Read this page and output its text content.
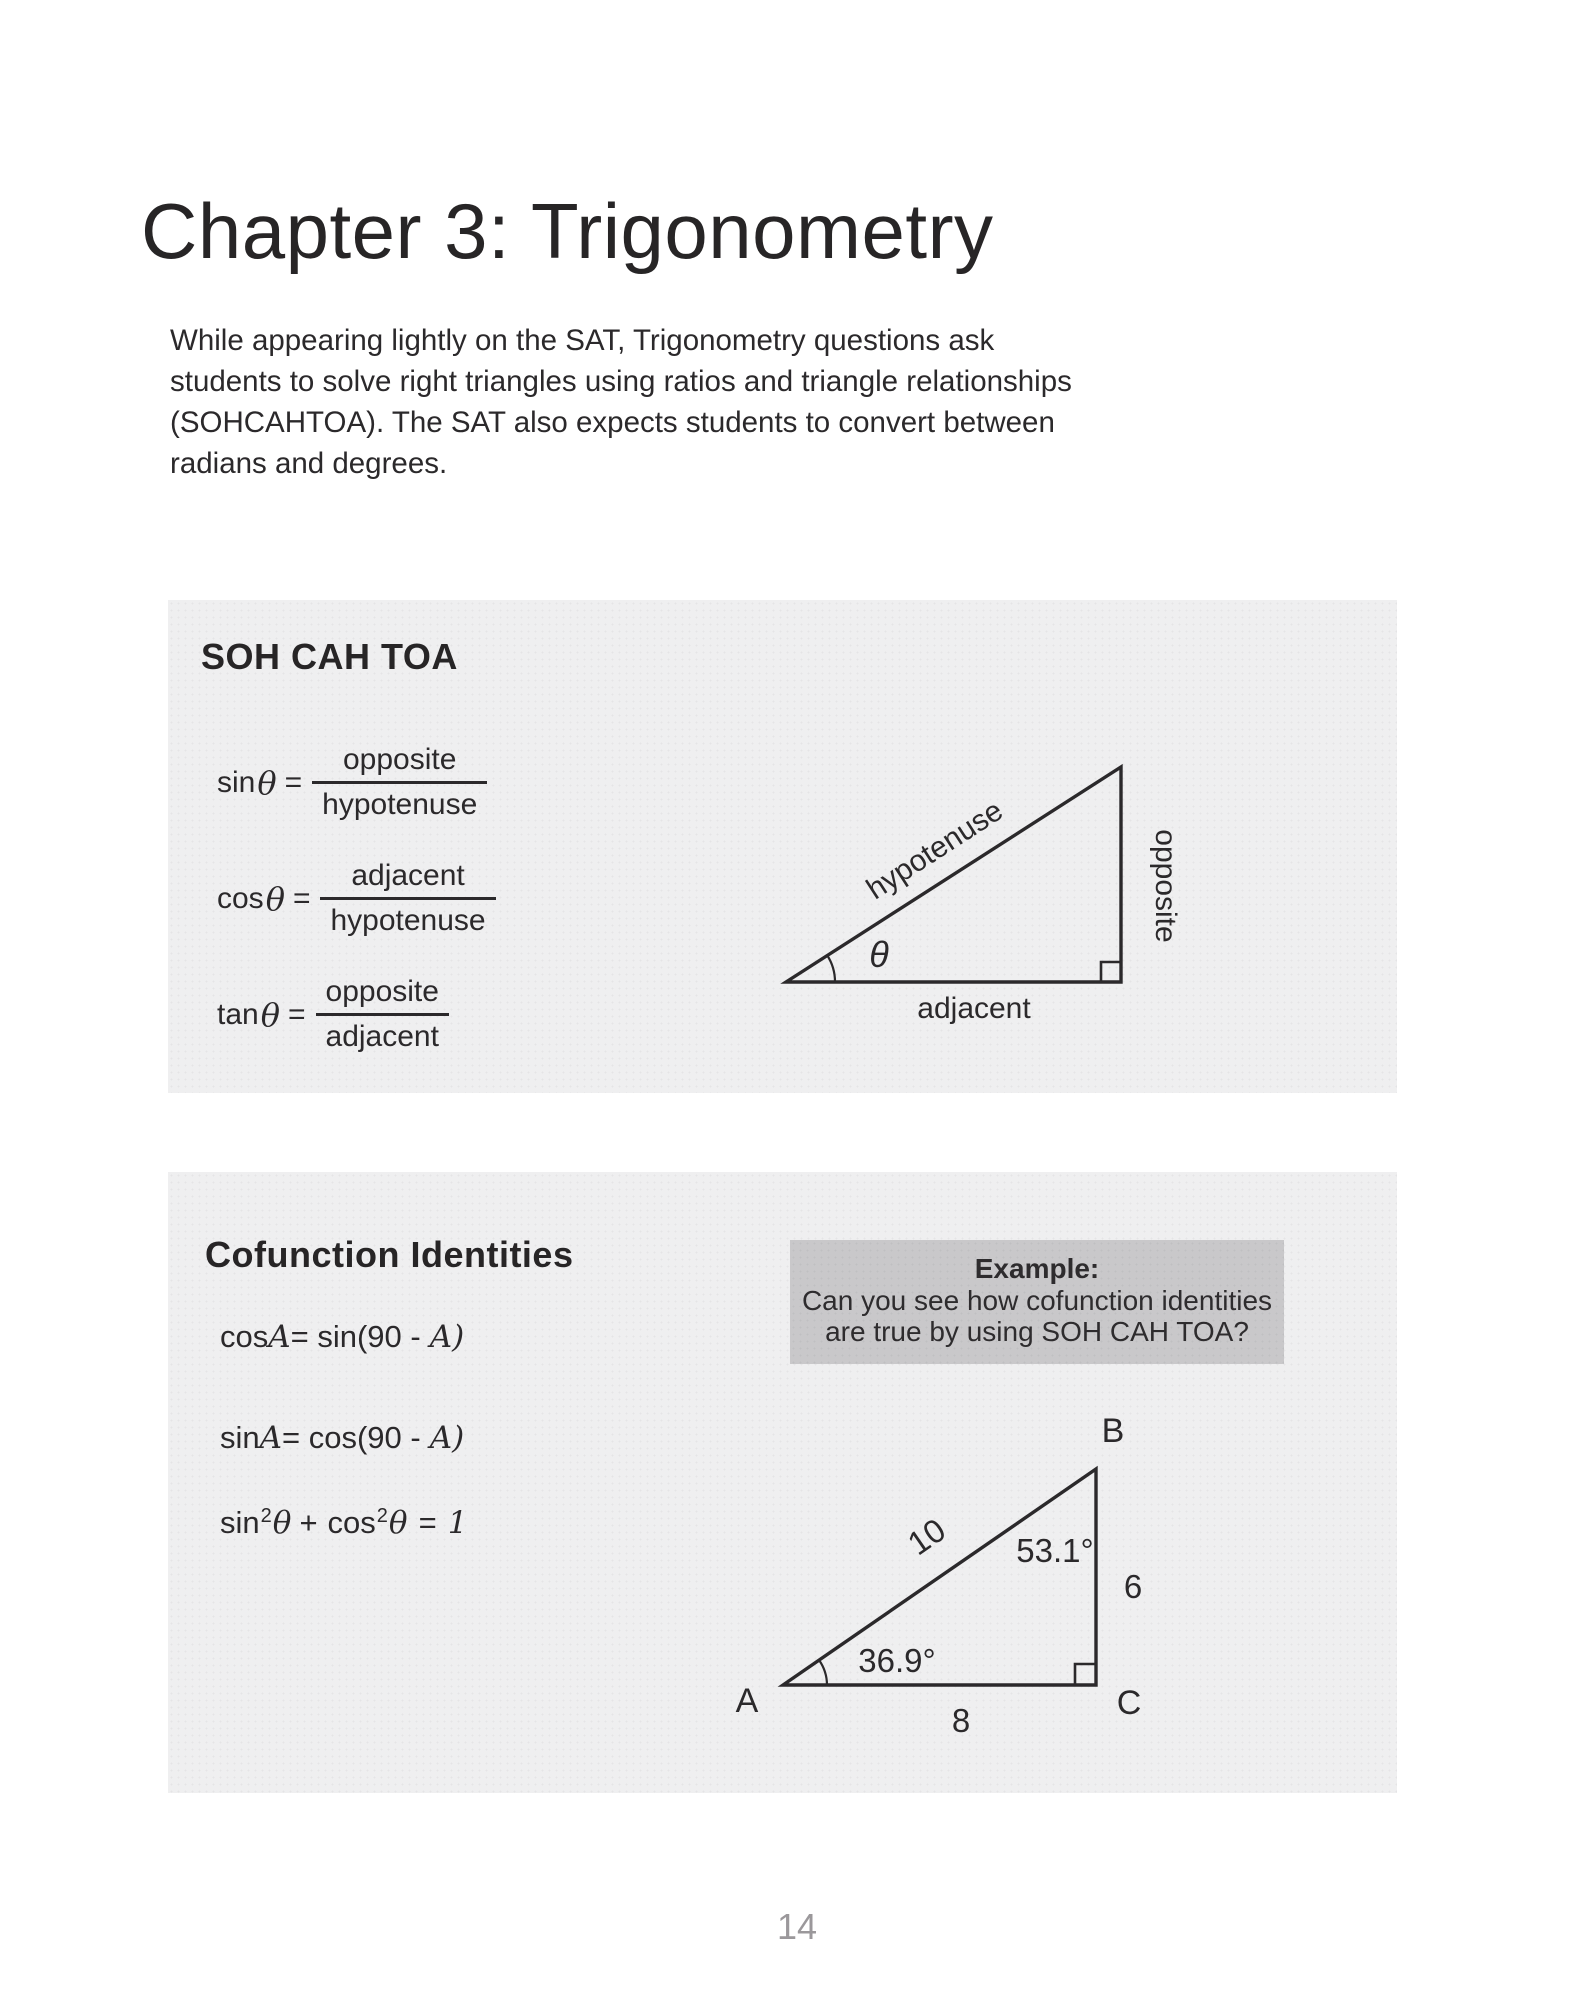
Chapter 3: Trigonometry
While appearing lightly on the SAT, Trigonometry questions ask
students to solve right triangles using ratios and triangle relationships
(SOHCAHTOA). The SAT also expects students to convert between
radians and degrees.
SOH CAH TOA
$\sin \theta = \frac{\text{opposite}}{\text{hypotenuse}}$
$\cos \theta = \frac{\text{adjacent}}{\text{hypotenuse}}$
$\tan \theta = \frac{\text{opposite}}{\text{adjacent}}$
θ
hypotenuse	opposite
adjacent
Cofunction Identities
cos A = sin(90 - A )
sin A = cos(90 - A )
sin 2 θ + cos 2 θ = 1
Example:
Can you see how cofunction identities
are true by using SOH CAH TOA?
A
B
C
10 53.1°
6
36.9°
8
14
